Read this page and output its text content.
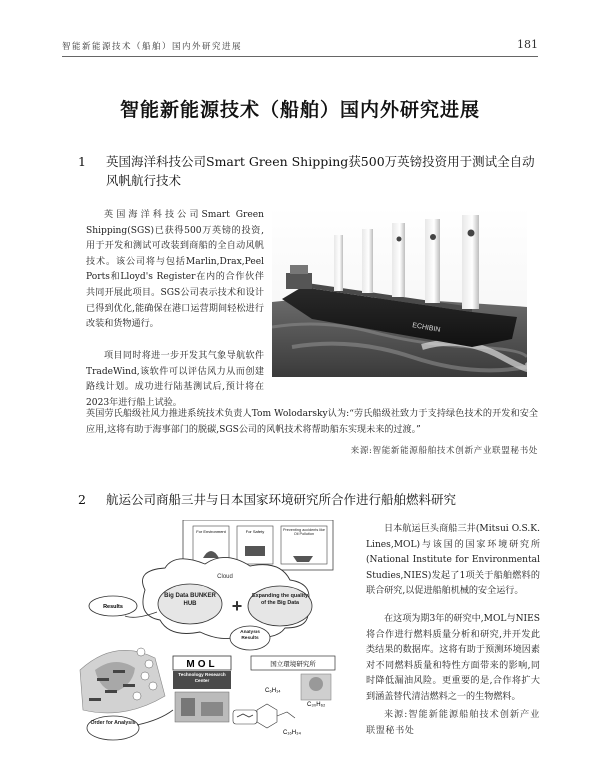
智能新能源技术（船舶）国内外研究进展	181
智能新能源技术（船舶）国内外研究进展
1	英国海洋科技公司Smart Green Shipping获500万英镑投资用于测试全自动风帆航行技术
英国海洋科技公司Smart Green Shipping(SGS)已获得500万英镑的投资,用于开发和测试可改装到商船的全自动风帆技术。该公司将与包括Marlin,Drax,Peel Ports和Lloyd's Register在内的合作伙伴共同开展此项目。SGS公司表示技术和设计已得到优化,能确保在港口运营期间轻松进行改装和货物通行。
项目同时将进一步开发其气象导航软件TradeWind,该软件可以评估风力从而创建路线计划。成功进行陆基测试后,预计将在2023年进行船上试验。
ECHIBIN
英国劳氏船级社风力推进系统技术负责人Tom Wolodarsky认为:“劳氏船级社致力于支持绿色技术的开发和安全应用,这将有助于海事部门的脱碳,SGS公司的风帆技术将帮助船东实现未来的过渡。”
来源:智能新能源船舶技术创新产业联盟秘书处
2	航运公司商船三井与日本国家环境研究所合作进行船舶燃料研究
For Environment	For Safety	Preventing accidents like Oil Pollution
Cloud
Big Data BUNKER HUB	+ Expanding the quality of the Big Data
Results
Analysis Results
MOL
Technology Research Center
国立環境研究所
C₆H₁₄
C₁₆H₃₄
C₃₀H₆₂
Order for Analysis
日本航运巨头商船三井(Mitsui O.S.K. Lines,MOL)与该国的国家环境研究所(National Institute for Environmental Studies,NIES)发起了1项关于船舶燃料的联合研究,以促进船舶机械的安全运行。
在这项为期3年的研究中,MOL与NIES将合作进行燃料质量分析和研究,并开发此类结果的数据库。这将有助于预测环境因素对不同燃料质量和特性方面带来的影响,同时降低漏油风险。更重要的是,合作将扩大到涵盖替代清洁燃料之一的生物燃料。
来源:智能新能源船舶技术创新产业联盟秘书处
